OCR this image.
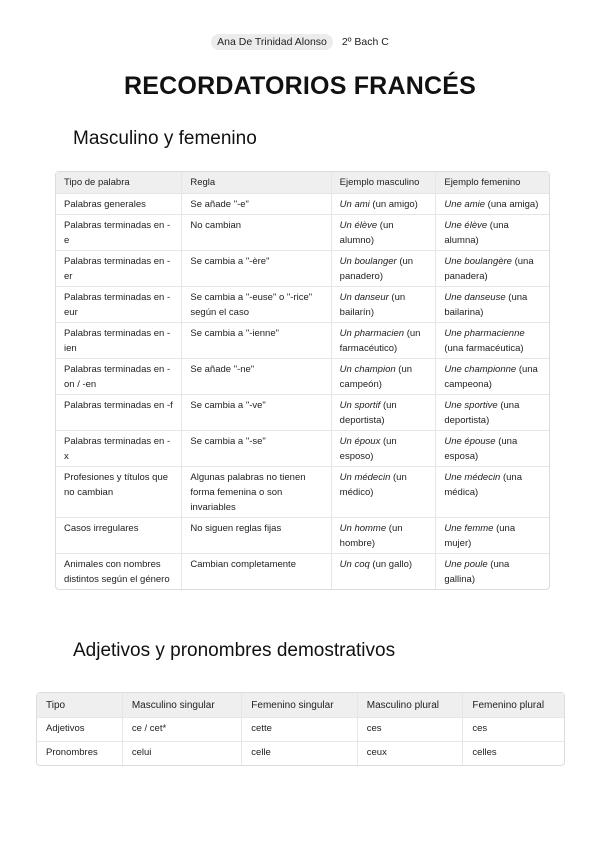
Ana De Trinidad Alonso 2º Bach C
RECORDATORIOS FRANCÉS
Masculino y femenino
Tipo de palabra	Regla	Ejemplo masculino	Ejemplo femenino
Palabras generales	Se añade "-e"	Un ami (un amigo)	Une amie (una amiga)
Palabras terminadas en -e	No cambian	Un élève (un alumno)	Une élève (una alumna)
Palabras terminadas en -er	Se cambia a "-ère"	Un boulanger (un panadero)	Une boulangère (una panadera)
Palabras terminadas en -eur	Se cambia a "-euse" o "-rice" según el caso	Un danseur (un bailarín)	Une danseuse (una bailarina)
Palabras terminadas en -ien	Se cambia a "-ienne"	Un pharmacien (un farmacéutico)	Une pharmacienne (una farmacéutica)
Palabras terminadas en -on / -en	Se añade "-ne"	Un champion (un campeón)	Une championne (una campeona)
Palabras terminadas en -f	Se cambia a "-ve"	Un sportif (un deportista)	Une sportive (una deportista)
Palabras terminadas en -x	Se cambia a "-se"	Un époux (un esposo)	Une épouse (una esposa)
Profesiones y títulos que no cambian	Algunas palabras no tienen forma femenina o son invariables	Un médecin (un médico)	Une médecin (una médica)
Casos irregulares	No siguen reglas fijas	Un homme (un hombre)	Une femme (una mujer)
Animales con nombres distintos según el género	Cambian completamente	Un coq (un gallo)	Une poule (una gallina)
Adjetivos y pronombres demostrativos
Tipo	Masculino singular	Femenino singular	Masculino plural	Femenino plural
Adjetivos	ce / cet*	cette	ces	ces
Pronombres	celui	celle	ceux	celles
